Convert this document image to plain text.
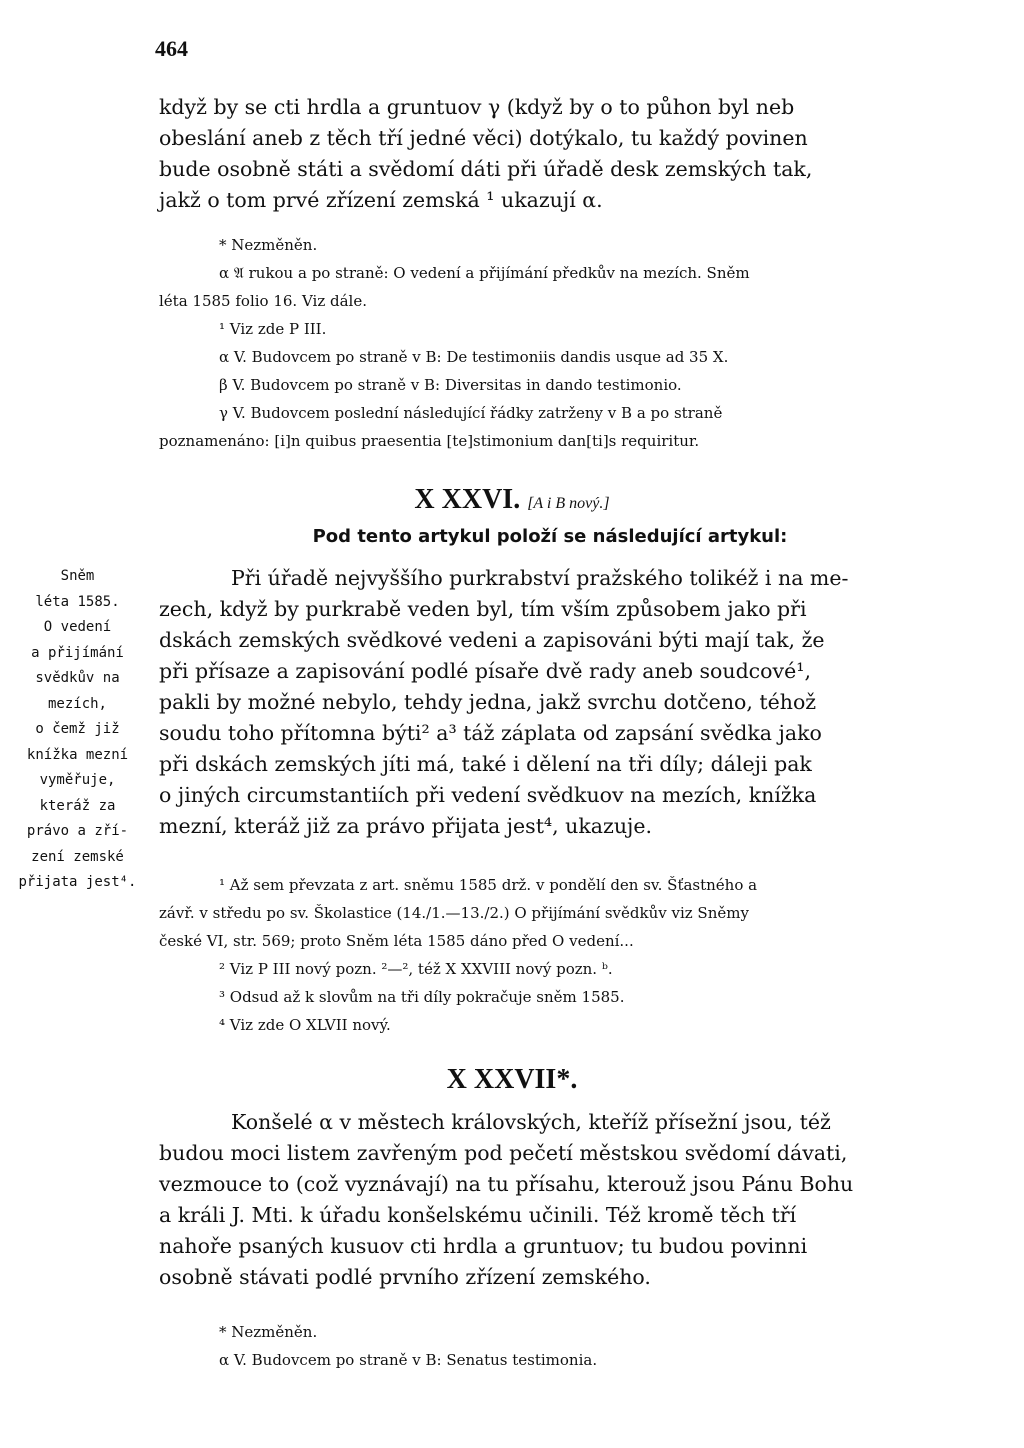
464
když by se cti hrdla a gruntuov γ (když by o to půhon byl neb
obeslání aneb z těch tří jedné věci) dotýkalo, tu každý povinen
bude osobně státi a svědomí dáti při úřadě desk zemských tak,
jakž o tom prvé zřízení zemská ¹ ukazují α.
* Nezměněn.
α 𝔄 rukou a po straně: O vedení a přijímání předkův na mezích. Sněm
léta 1585 folio 16. Viz dále.
¹ Viz zde P III.
α V. Budovcem po straně v B: De testimoniis dandis usque ad 35 X.
β V. Budovcem po straně v B: Diversitas in dando testimonio.
γ V. Budovcem poslední následující řádky zatrženy v B a po straně
poznamenáno: [i]n quibus praesentia [te]stimonium dan[ti]s requiritur.
X XXVI. [A i B nový.]
Pod tento artykul položí se následující artykul:
Při úřadě nejvyššího purkrabství pražského tolikéž i na me-
zech, když by purkrabě veden byl, tím vším způsobem jako při
dskách zemských svědkové vedeni a zapisováni býti mají tak, že
při přísaze a zapisování podlé písaře dvě rady aneb soudcové¹,
pakli by možné nebylo, tehdy jedna, jakž svrchu dotčeno, téhož
soudu toho přítomna býti² a³ táž záplata od zapsání svědka jako
při dskách zemských jíti má, také i dělení na tři díly; dáleji pak
o jiných circumstantiích při vedení svědkuov na mezích, knížka
mezní, kteráž již za právo přijata jest⁴, ukazuje.
¹ Až sem převzata z art. sněmu 1585 drž. v pondělí den sv. Šťastného a
závř. v středu po sv. Školastice (14./1.—13./2.) O přijímání svědkův viz Sněmy
české VI, str. 569; proto Sněm léta 1585 dáno před O vedení...
² Viz P III nový pozn. ²—², též X XXVIII nový pozn. ᵇ.
³ Odsud až k slovům na tři díly pokračuje sněm 1585.
⁴ Viz zde O XLVII nový.
Sněm
léta 1585.
O vedení
a přijímání
svědkův na
mezích,
o čemž již
knížka mezní
vyměřuje,
kteráž za
právo a zří-
zení zemské
přijata jest⁴.
X XXVII*.
Konšelé α v městech královských, kteříž přísežní jsou, též
budou moci listem zavřeným pod pečetí městskou svědomí dávati,
vezmouce to (což vyznávají) na tu přísahu, kterouž jsou Pánu Bohu
a králi J. Mti. k úřadu konšelskému učinili. Též kromě těch tří
nahoře psaných kusuov cti hrdla a gruntuov; tu budou povinni
osobně stávati podlé prvního zřízení zemského.
* Nezměněn.
α V. Budovcem po straně v B: Senatus testimonia.
